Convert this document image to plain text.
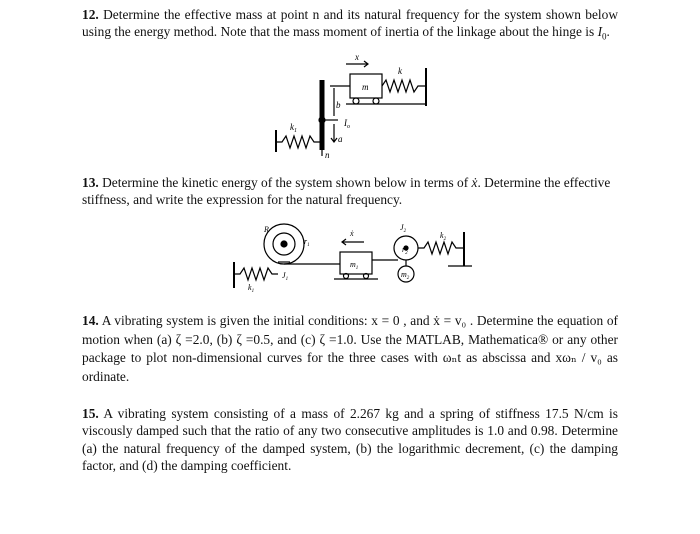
12. Determine the effective mass at point n and its natural frequency for the system shown below using the energy method. Note that the mass moment of inertia of the linkage about the hinge is $I_0$.

x
m
k
b
$I_o$
$k_1$
a
n

13. Determine the kinetic energy of the system shown below in terms of ẋ. Determine the effective stiffness, and write the expression for the natural frequency.

R
$r_1$
$J_1$
$k_1$
ẋ
$m_1$
$J_2$
$r_2$
$k_2$
$m_2$

14. A vibrating system is given the initial conditions: x = 0 , and ẋ = v₀ . Determine the equation of motion when (a) ζ =2.0, (b) ζ =0.5, and (c) ζ =1.0. Use the MATLAB, Mathematica® or any other package to plot non-dimensional curves for the three cases with ωₙt as abscissa and xωₙ / v₀ as ordinate.

15. A vibrating system consisting of a mass of 2.267 kg and a spring of stiffness 17.5 N/cm is viscously damped such that the ratio of any two consecutive amplitudes is 1.0 and 0.98. Determine (a) the natural frequency of the damped system, (b) the logarithmic decrement, (c) the damping factor, and (d) the damping coefficient.
